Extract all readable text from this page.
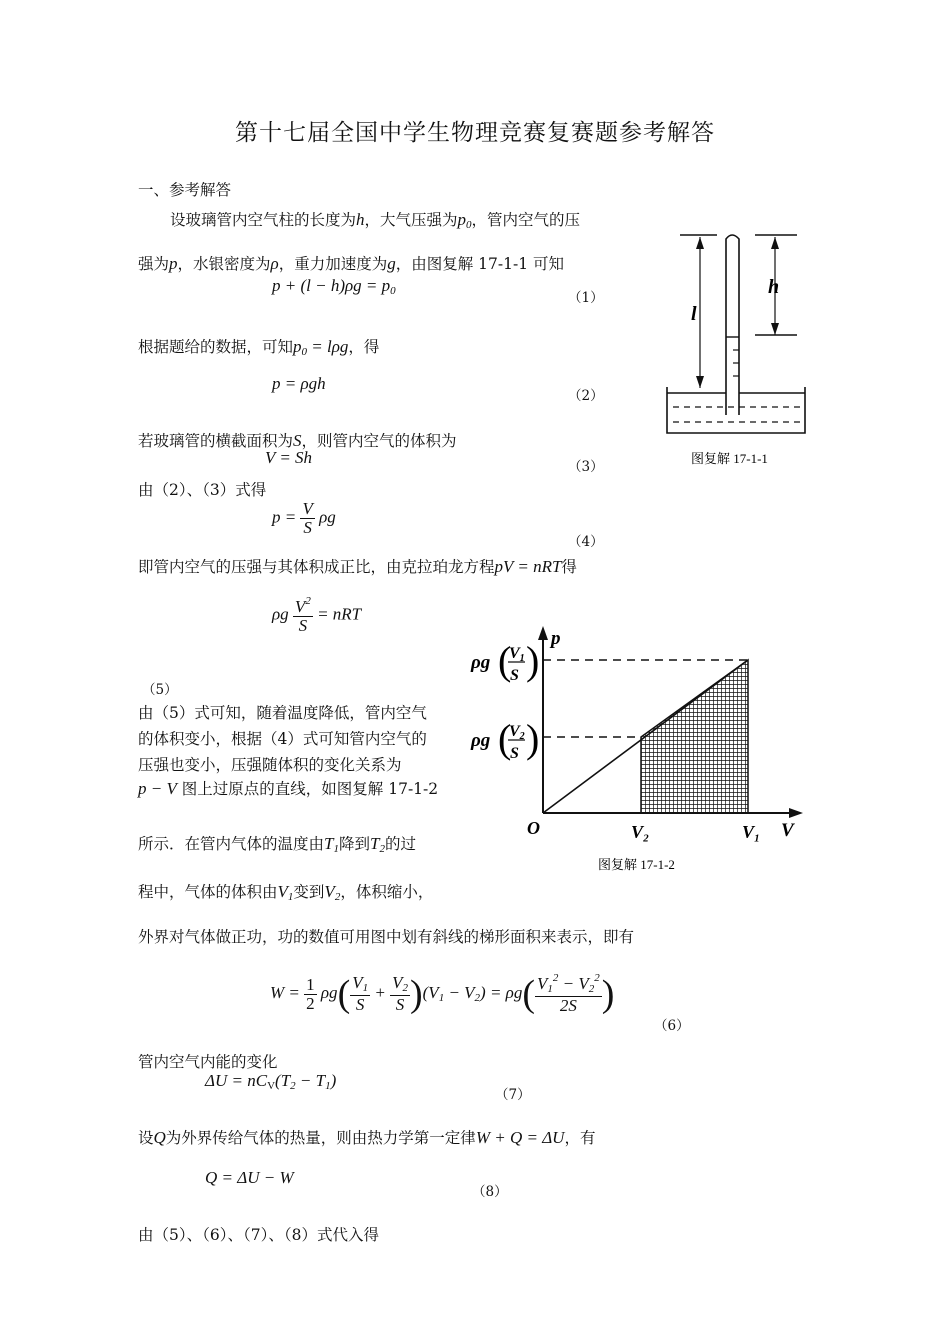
第十七届全国中学生物理竞赛复赛题参考解答
一、参考解答
设玻璃管内空气柱的长度为h，大气压强为$p_0$，管内空气的压
强为p，水银密度为ρ，重力加速度为g，由图复解 17-1-1 可知
$p + (l - h)\rho g = p_0$	（1）
根据题给的数据，可知$p_0 = l\rho g$，得
p = ρgh
（2）
若玻璃管的横截面积为S，则管内空气的体积为
V = Sh	（3）
由（2）、（3）式得
$p = \frac{V}{S}$ ρg
（4）
即管内空气的压强与其体积成正比，由克拉珀龙方程pV = nRT得
ρg $\frac{V^2}{S}$ = nRT
（5）
由（5）式可知，随着温度降低，管内空气
的体积变小，根据（4）式可知管内空气的
压强也变小，压强随体积的变化关系为
p − V 图上过原点的直线，如图复解 17-1-2
所示．在管内气体的温度由$T_1$降到$T_2$的过
程中，气体的体积由$V_1$变到$V_2$，体积缩小，
外界对气体做正功，功的数值可用图中划有斜线的梯形面积来表示，即有
$W = \frac{1}{2} \rho g( \frac{V_1}{S} + \frac{V_2}{S} )(V_1 - V_2) = \rho g( \frac{V_1^2 - V_2^2}{2S}$ )
（6）
管内空气内能的变化
$\Delta U = nC_V(T_2 - T_1)$
（7）
设Q为外界传给气体的热量，则由热力学第一定律W + Q = ΔU，有
Q = ΔU − W
（8）
由（5）、（6）、（7）、（8）式代入得
l
h
图复解 17-1-1
ρg (
V1
S )
ρg (
V2
S )
p
V
O	V₂	V₁
图复解 17-1-2
